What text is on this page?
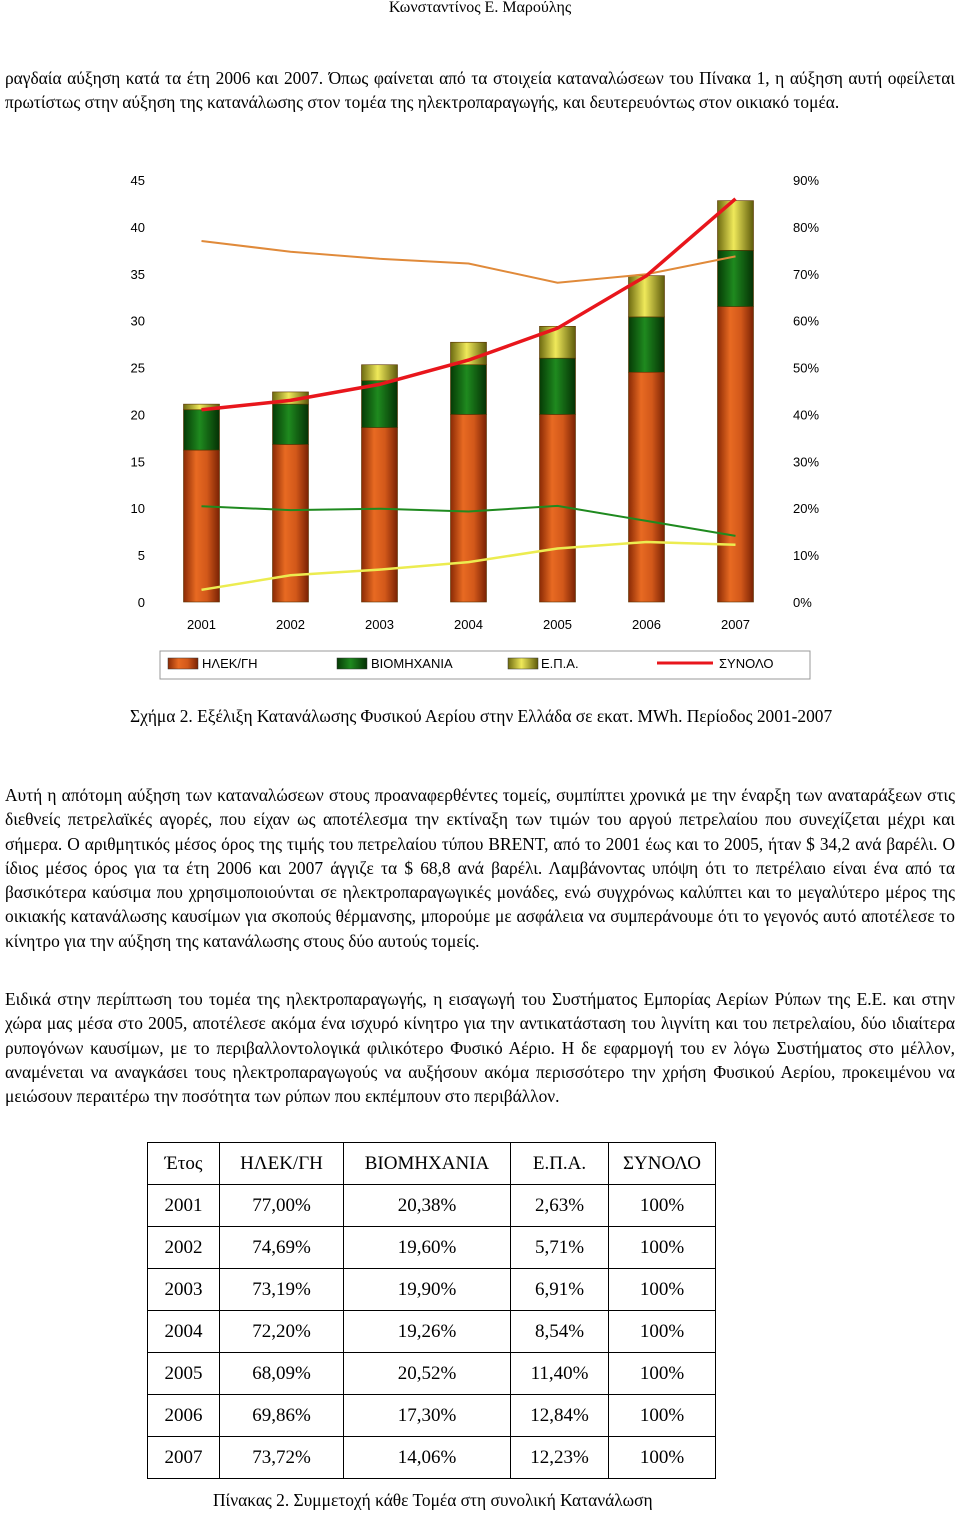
Κωνσταντίνος Ε. Μαρούλης

ραγδαία αύξηση κατά τα έτη 2006 και 2007. Όπως φαίνεται από τα στοιχεία καταναλώσεων του Πίνακα 1, η αύξηση αυτή οφείλεται πρωτίστως στην αύξηση της κατανάλωσης στον τομέα της ηλεκτροπαραγωγής, και δευτερευόντως στον οικιακό τομέα.

0
5
10
15
20
25
30
35
40
45
0%
10%
20%
30%
40%
50%
60%
70%
80%
90%
2001	2002	2003	2004	2005	2006	2007
ΗΛΕΚ/ΓΗ	ΒΙΟΜΗΧΑΝΙΑ	Ε.Π.Α.	ΣΥΝΟΛΟ
Σχήμα 2. Εξέλιξη Κατανάλωσης Φυσικού Αερίου στην Ελλάδα σε εκατ. MWh. Περίοδος 2001-2007

Αυτή η απότομη αύξηση των καταναλώσεων στους προαναφερθέντες τομείς, συμπίπτει χρονικά με την έναρξη των αναταράξεων στις διεθνείς πετρελαϊκές αγορές, που είχαν ως αποτέλεσμα την εκτίναξη των τιμών του αργού πετρελαίου που συνεχίζεται μέχρι και σήμερα. Ο αριθμητικός μέσος όρος της τιμής του πετρελαίου τύπου BRENT, από το 2001 έως και το 2005, ήταν $ 34,2 ανά βαρέλι. Ο ίδιος μέσος όρος για τα έτη 2006 και 2007 άγγιζε τα $ 68,8 ανά βαρέλι. Λαμβάνοντας υπόψη ότι το πετρέλαιο είναι ένα από τα βασικότερα καύσιμα που χρησιμοποιούνται σε ηλεκτροπαραγωγικές μονάδες, ενώ συγχρόνως καλύπτει και το μεγαλύτερο μέρος της οικιακής κατανάλωσης καυσίμων για σκοπούς θέρμανσης, μπορούμε με ασφάλεια να συμπεράνουμε ότι το γεγονός αυτό αποτέλεσε το κίνητρο για την αύξηση της κατανάλωσης στους δύο αυτούς τομείς.

Ειδικά στην περίπτωση του τομέα της ηλεκτροπαραγωγής, η εισαγωγή του Συστήματος Εμπορίας Αερίων Ρύπων της Ε.Ε. και στην χώρα μας μέσα στο 2005, αποτέλεσε ακόμα ένα ισχυρό κίνητρο για την αντικατάσταση του λιγνίτη και του πετρελαίου, δύο ιδιαίτερα ρυπογόνων καυσίμων, με το περιβαλλοντολογικά φιλικότερο Φυσικό Αέριο. Η δε εφαρμογή του εν λόγω Συστήματος στο μέλλον, αναμένεται να αναγκάσει τους ηλεκτροπαραγωγούς να αυξήσουν ακόμα περισσότερο την χρήση Φυσικού Αερίου, προκειμένου να μειώσουν περαιτέρω την ποσότητα των ρύπων που εκπέμπουν στο περιβάλλον.

Έτος	ΗΛΕΚ/ΓΗ	ΒΙΟΜΗΧΑΝΙΑ	Ε.Π.Α.	ΣΥΝΟΛΟ
2001	77,00%	20,38%	2,63%	100%
2002	74,69%	19,60%	5,71%	100%
2003	73,19%	19,90%	6,91%	100%
2004	72,20%	19,26%	8,54%	100%
2005	68,09%	20,52%	11,40%	100%
2006	69,86%	17,30%	12,84%	100%
2007	73,72%	14,06%	12,23%	100%
Πίνακας 2. Συμμετοχή κάθε Τομέα στη συνολική Κατανάλωση
